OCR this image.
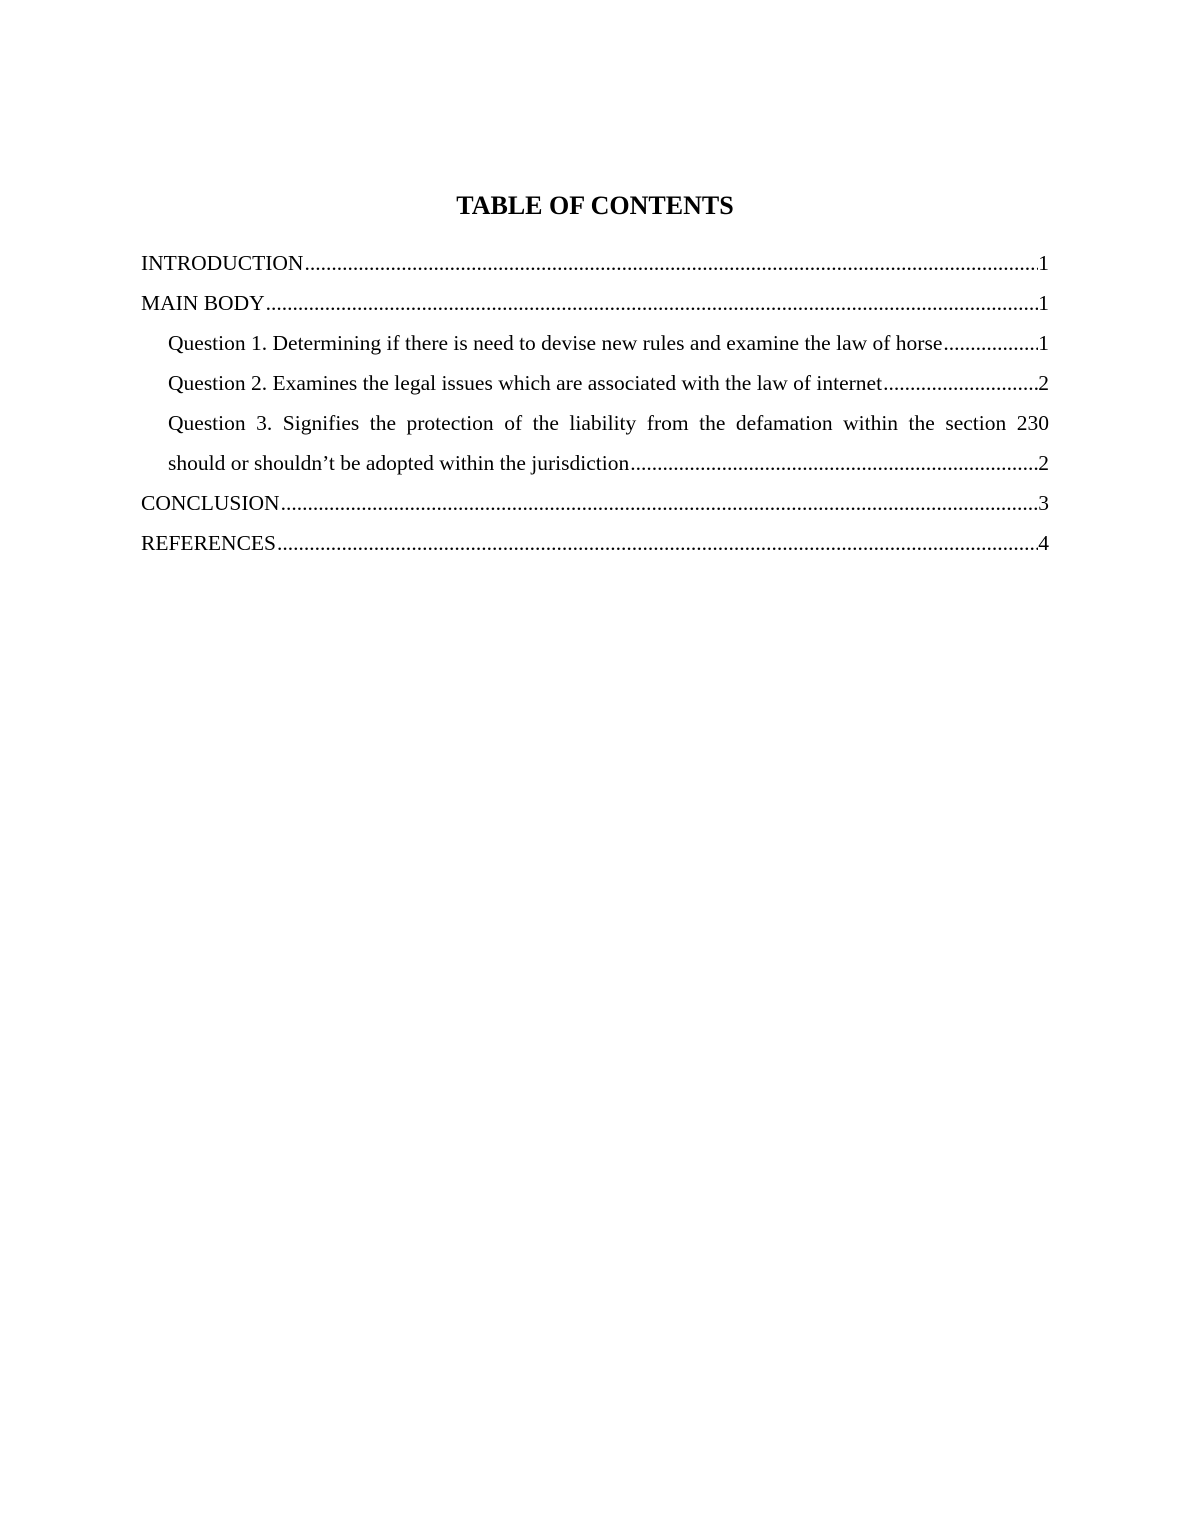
TABLE OF CONTENTS
INTRODUCTION .....	1
MAIN BODY .....	1
Question 1. Determining if there is need to devise new rules and examine the law of horse .....	1
Question 2. Examines the legal issues which are associated with the law of internet .....	2
Question 3. Signifies the protection of the liability from the defamation within the section 230
should or shouldn’t be adopted within the jurisdiction .....	2
CONCLUSION .....	3
REFERENCES .....	4
